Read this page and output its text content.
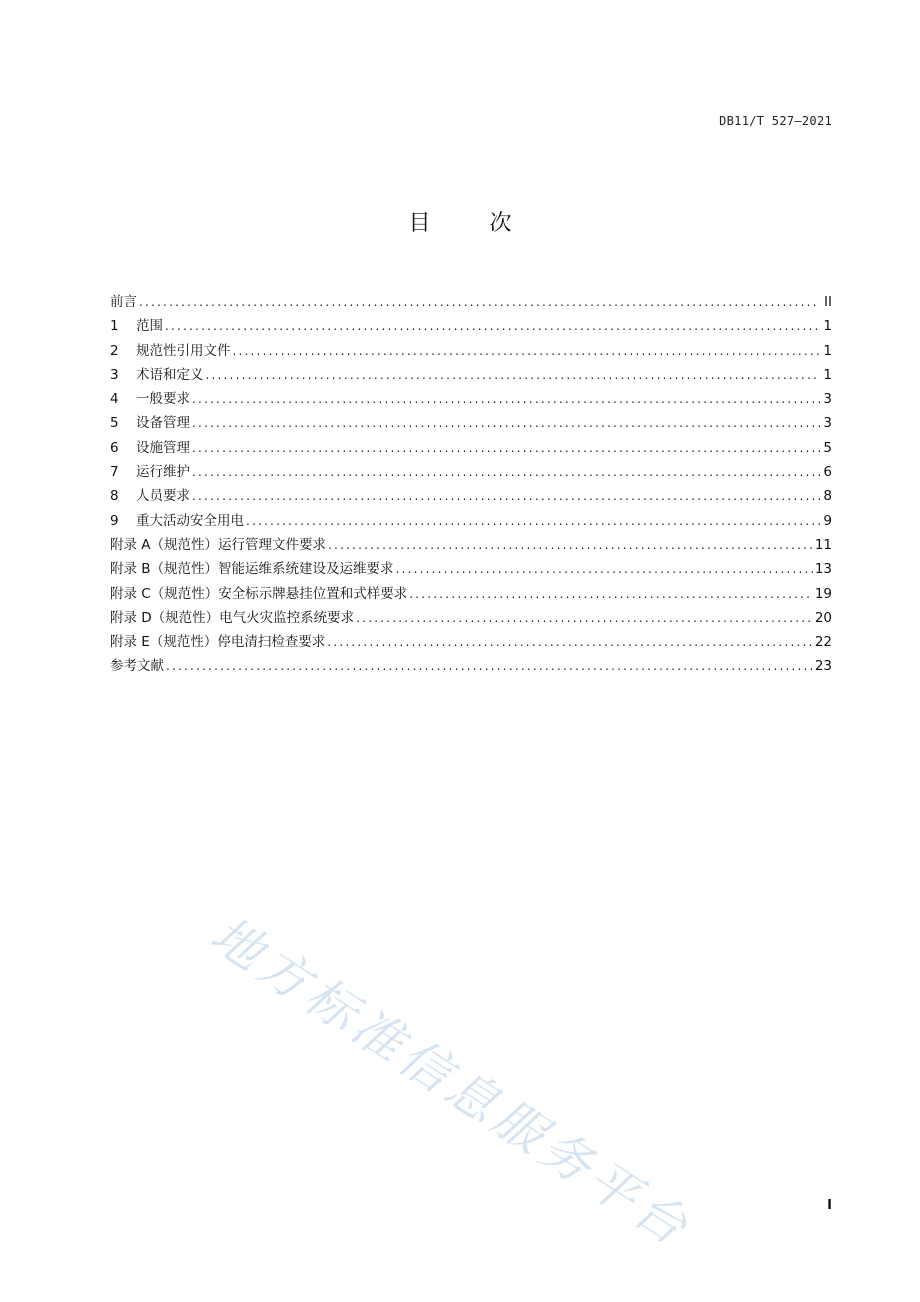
DB11/T 527—2021
目 次
前言 .....	II
1	范围 .....	1
2	规范性引用文件 .....	1
3	术语和定义 .....	1
4	一般要求 .....	3
5	设备管理 .....	3
6	设施管理 .....	5
7	运行维护 .....	6
8	人员要求 .....	8
9	重大活动安全用电 .....	9
附录 A（规范性）运行管理文件要求 .....	11
附录 B（规范性）智能运维系统建设及运维要求 .....	13
附录 C（规范性）安全标示牌悬挂位置和式样要求 .....	19
附录 D（规范性）电气火灾监控系统要求 .....	20
附录 E（规范性）停电清扫检查要求 .....	22
参考文献 .....	23
地方标准信息服务平台	I
